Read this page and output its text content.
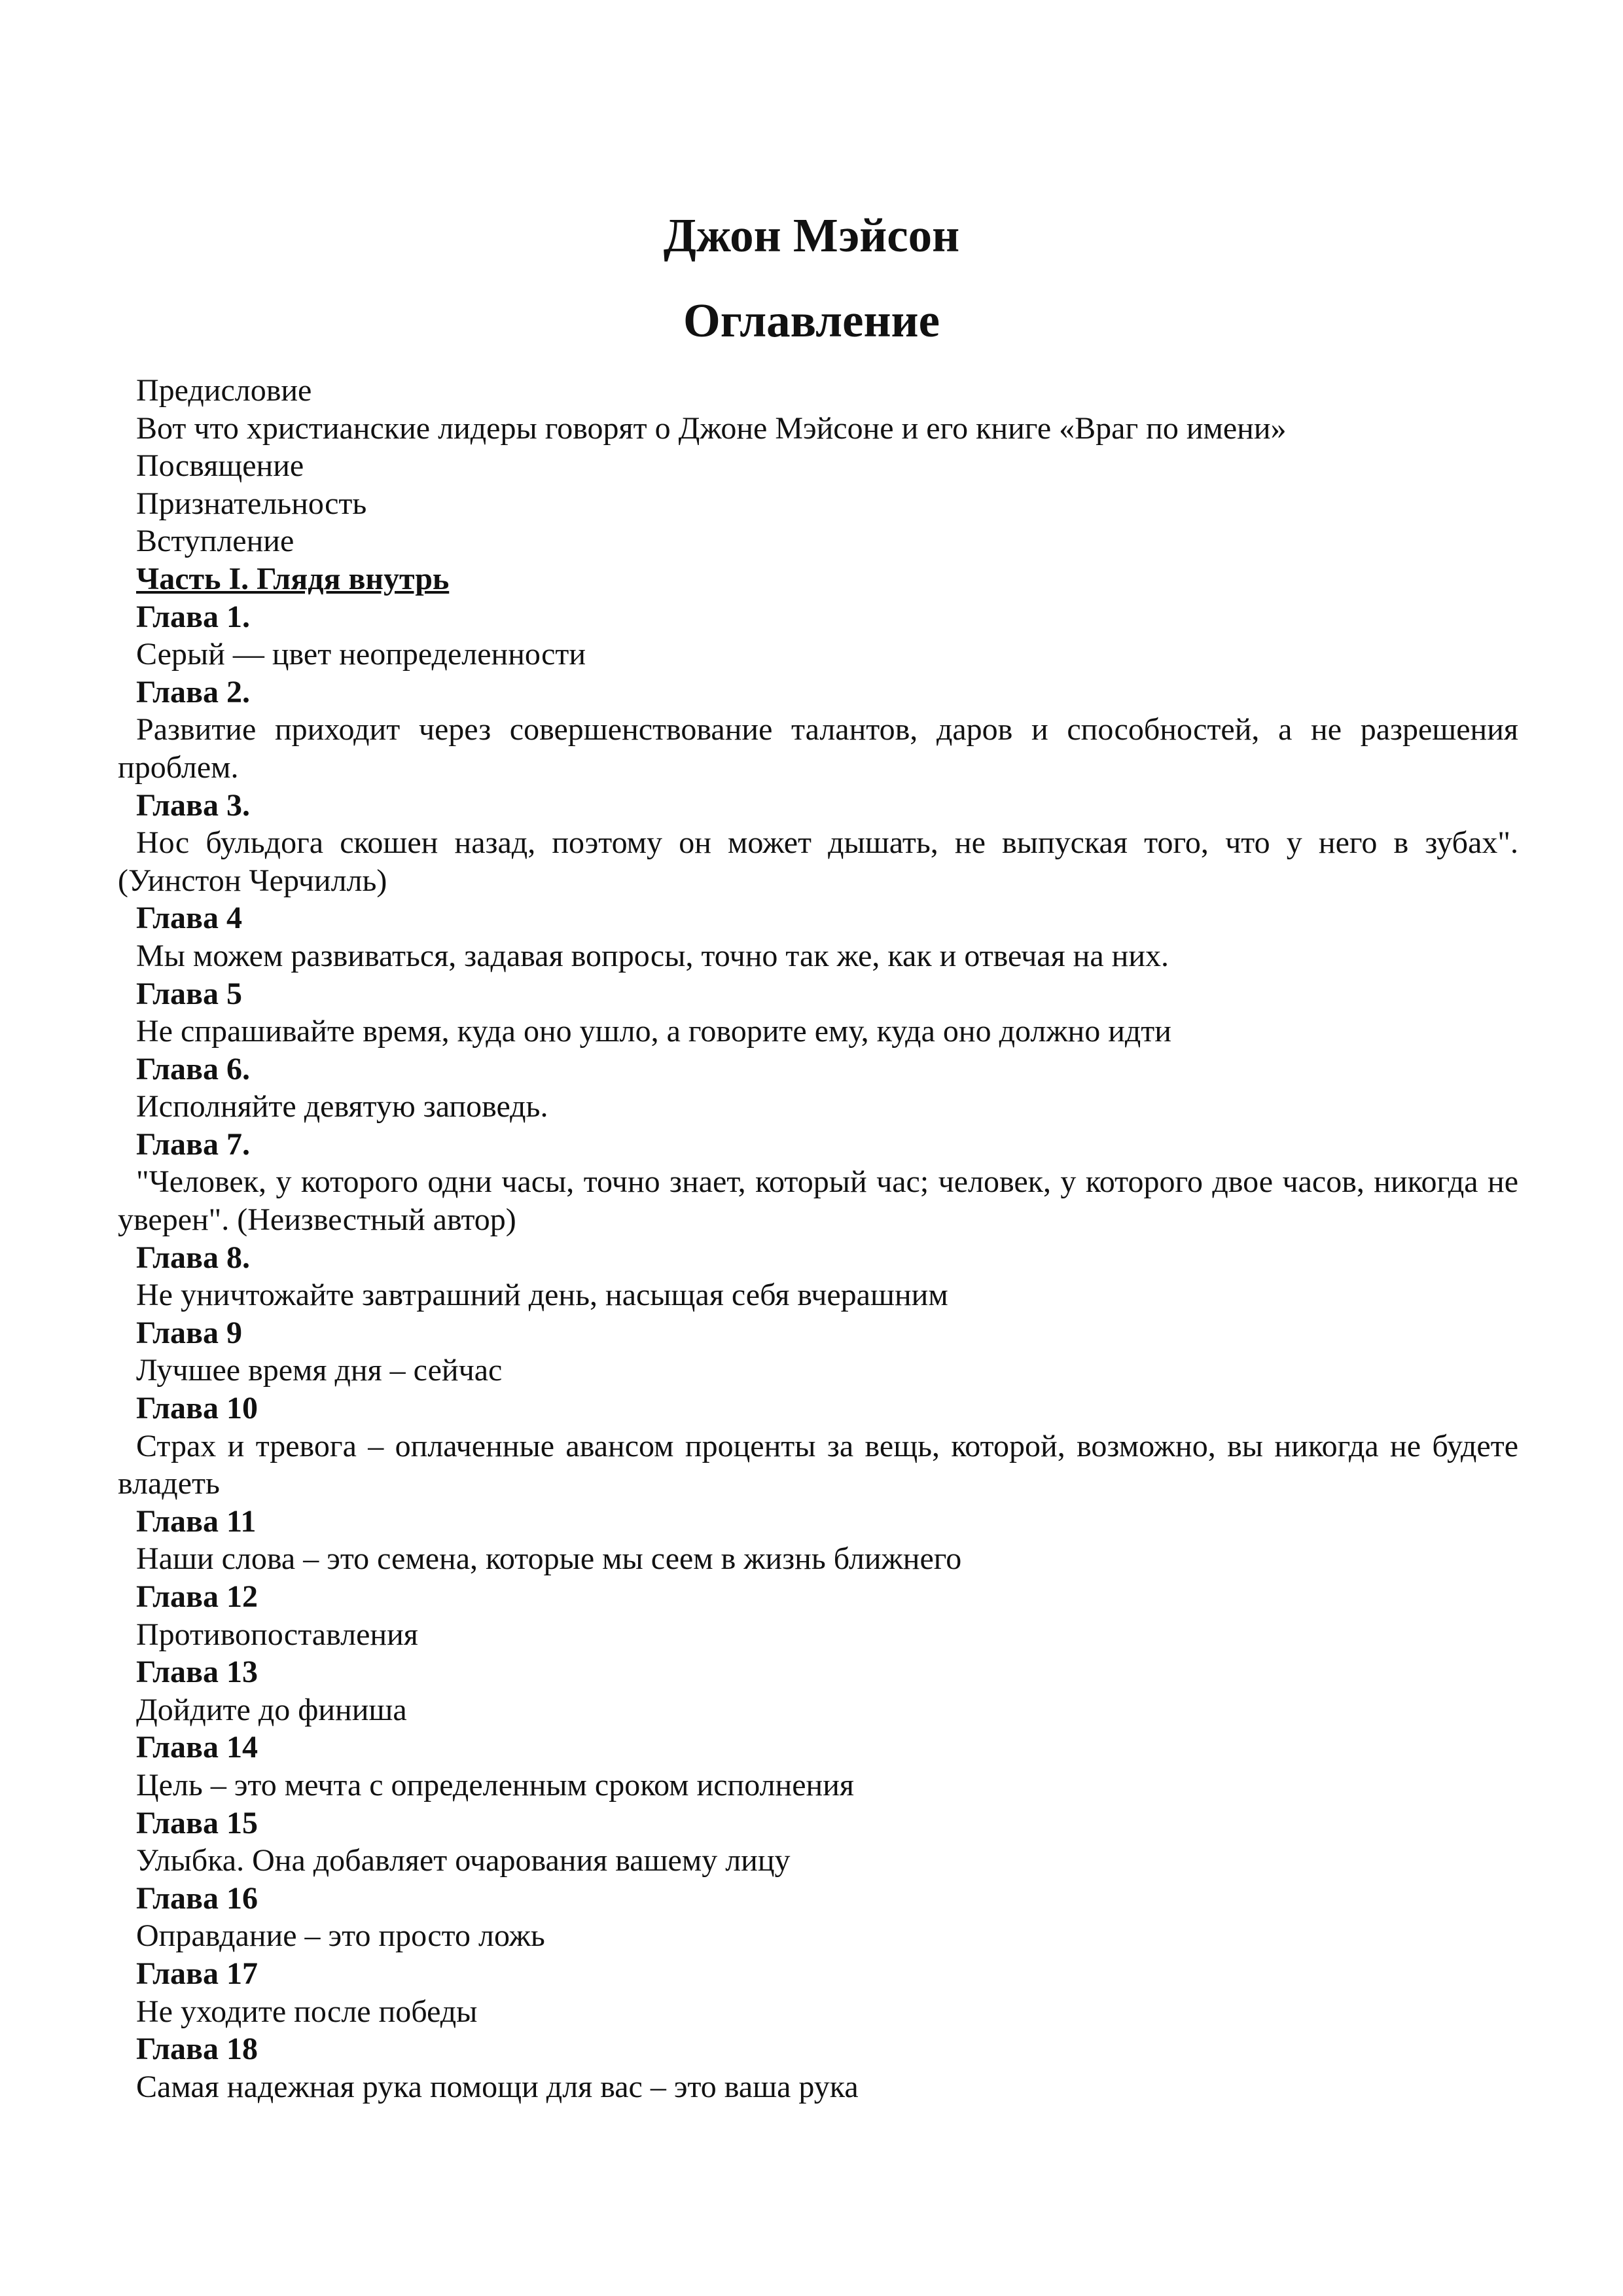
Джон Мэйсон
Оглавление
Предисловие
Вот что христианские лидеры говорят о Джоне Мэйсоне и его книге «Враг по имени»
Посвящение
Признательность
Вступление
Часть I. Глядя внутрь
Глава 1.
Серый — цвет неопределенности
Глава 2.
Развитие приходит через совершенствование талантов, даров и способностей, а не разрешения проблем.
Глава 3.
Нос бульдога скошен назад, поэтому он может дышать, не выпуская того, что у него в зубах". (Уинстон Черчилль)
Глава 4
Мы можем развиваться, задавая вопросы, точно так же, как и отвечая на них.
Глава 5
Не спрашивайте время, куда оно ушло, а говорите ему, куда оно должно идти
Глава 6.
Исполняйте девятую заповедь.
Глава 7.
"Человек, у которого одни часы, точно знает, который час; человек, у которого двое часов, никогда не уверен". (Неизвестный автор)
Глава 8.
Не уничтожайте завтрашний день, насыщая себя вчерашним
Глава 9
Лучшее время дня – сейчас
Глава 10
Страх и тревога – оплаченные авансом проценты за вещь, которой, возможно, вы никогда не будете владеть
Глава 11
Наши слова – это семена, которые мы сеем в жизнь ближнего
Глава 12
Противопоставления
Глава 13
Дойдите до финиша
Глава 14
Цель – это мечта с определенным сроком исполнения
Глава 15
Улыбка. Она добавляет очарования вашему лицу
Глава 16
Оправдание – это просто ложь
Глава 17
Не уходите после победы
Глава 18
Самая надежная рука помощи для вас – это ваша рука
